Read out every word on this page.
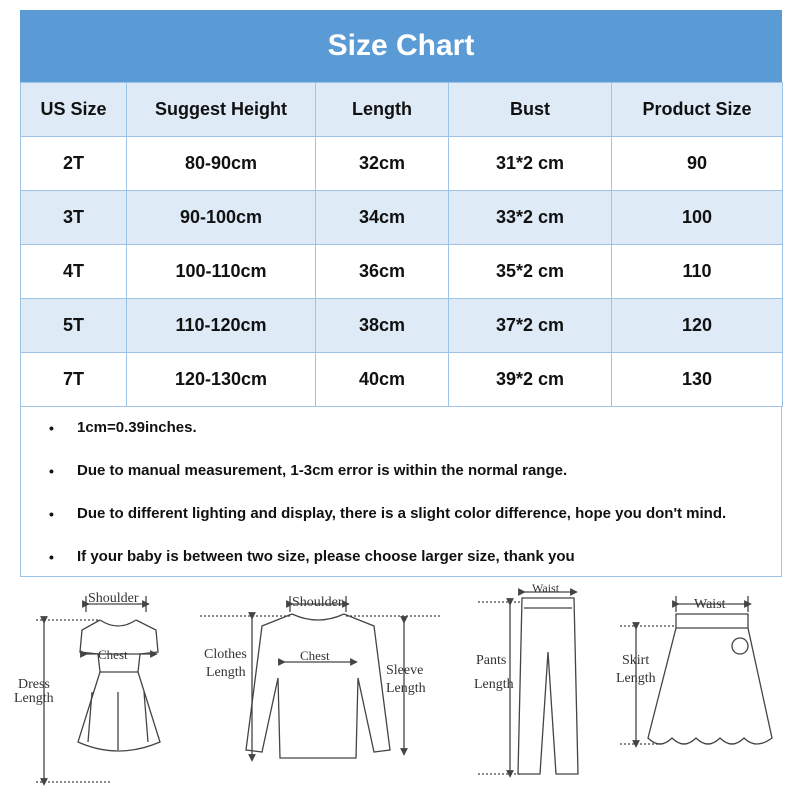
Size Chart
US Size	Suggest Height	Length	Bust	Product Size
2T	80-90cm	32cm	31*2 cm	90
3T	90-100cm	34cm	33*2 cm	100
4T	100-110cm	36cm	35*2 cm	110
5T	110-120cm	38cm	37*2 cm	120
7T	120-130cm	40cm	39*2 cm	130
• 1cm=0.39inches.
• Due to manual measurement, 1-3cm error is within the normal range.
• Due to different lighting and display, there is a slight color difference, hope you don't mind.
• If your baby is between two size, please choose larger size, thank you
Shoulder
Chest
Dress
Length
Shoulder
Chest
Clothes
Length	Sleeve
Length
Waist
Pants
Length
Waist
Skirt
Length
